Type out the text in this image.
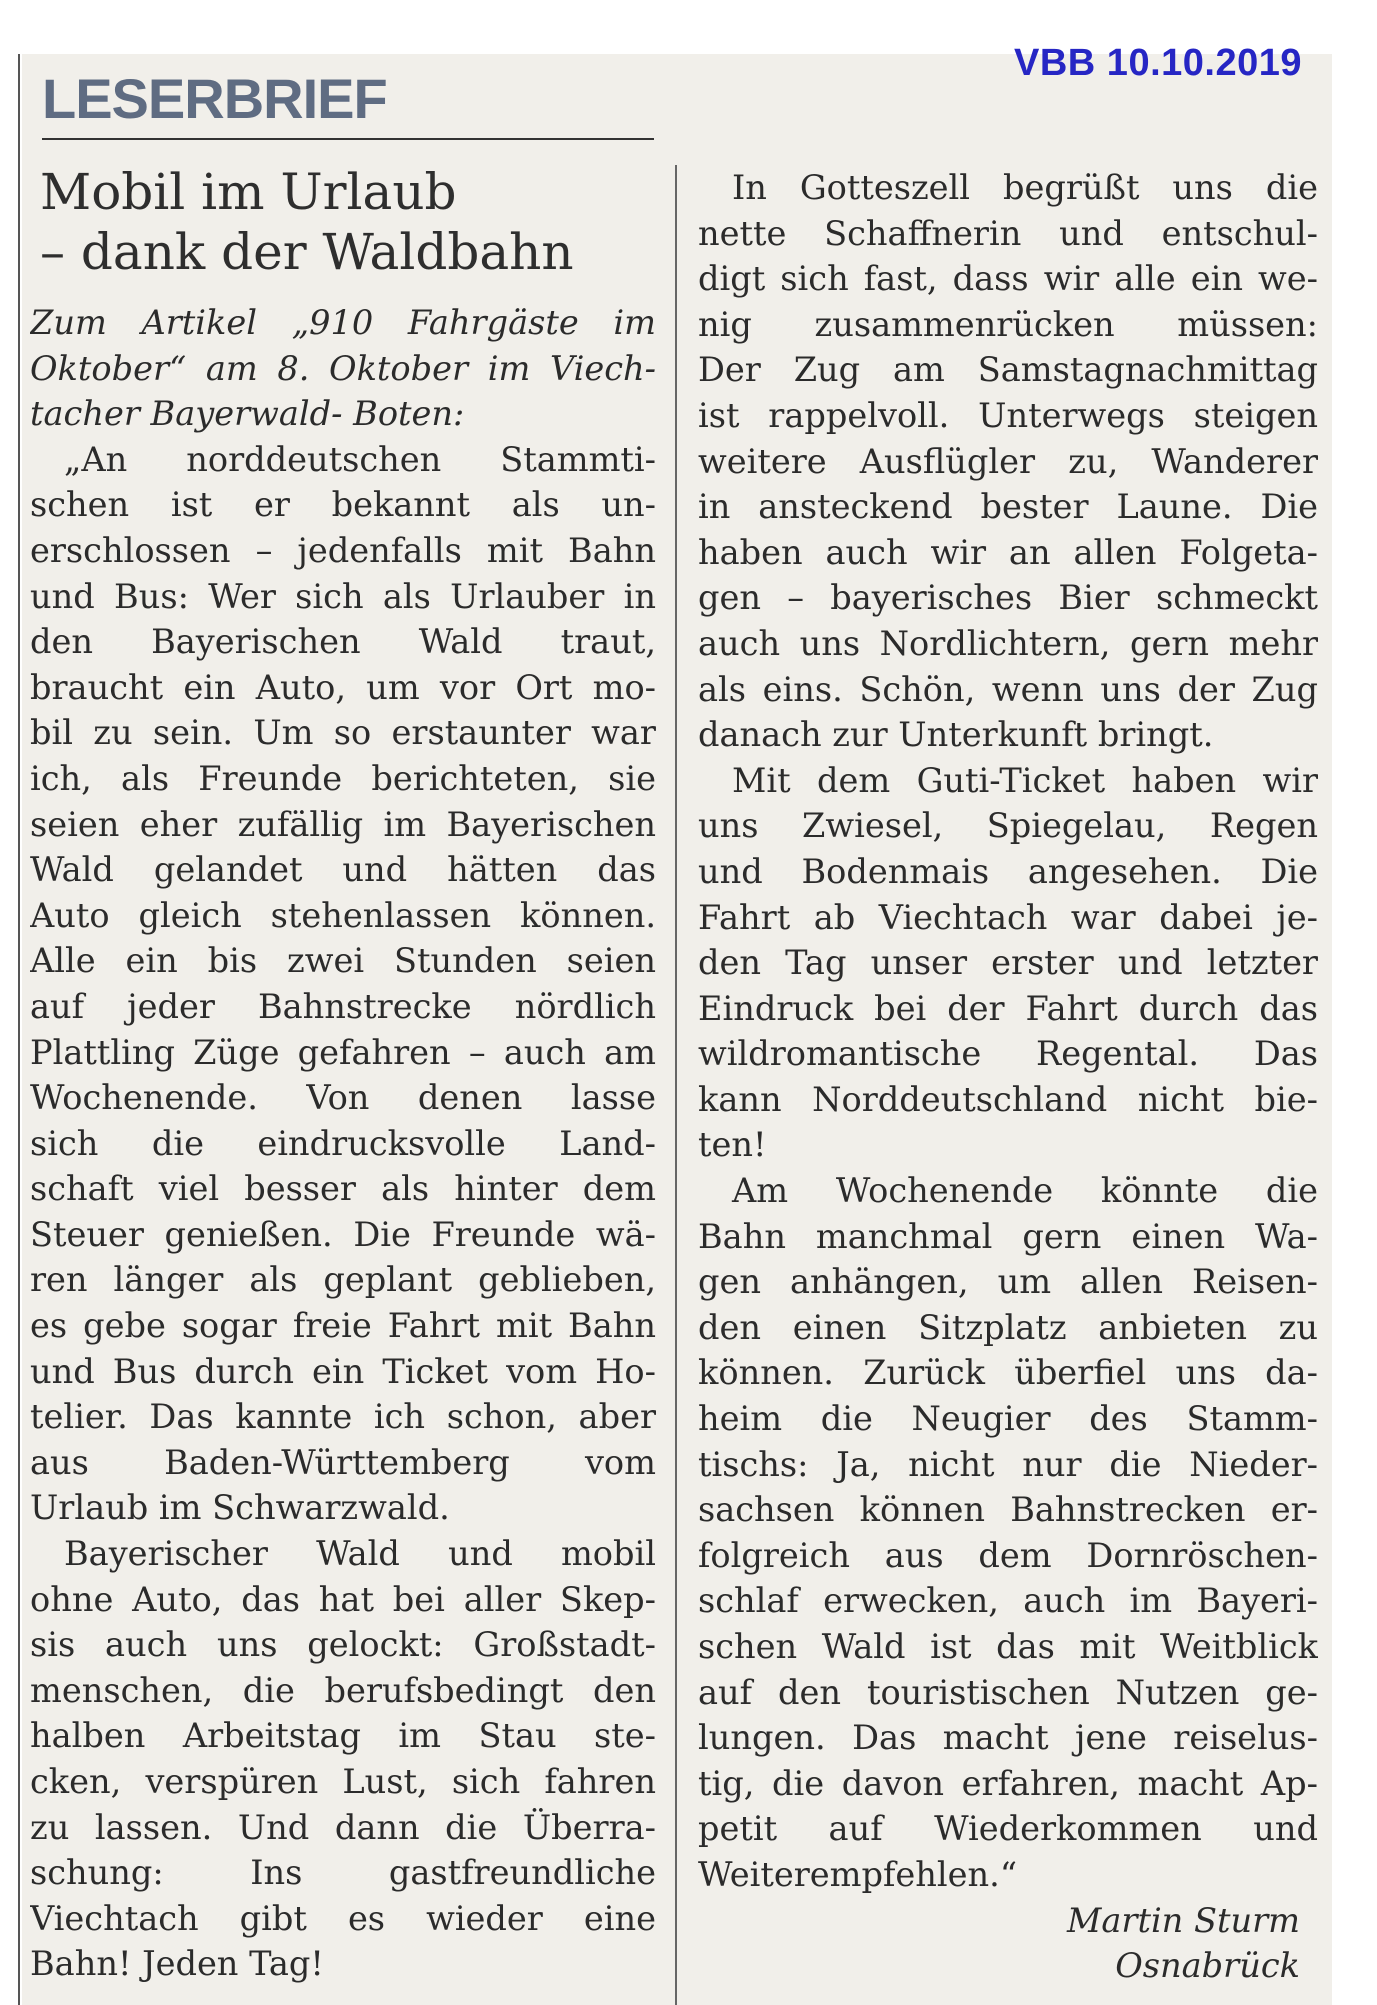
VBB 10.10.2019
LESERBRIEF
Mobil im Urlaub
– dank der Waldbahn
Zum Artikel „910 Fahrgäste im
Oktober“ am 8. Oktober im Viech-
tacher Bayerwald- Boten:
„An norddeutschen Stammti-
schen ist er bekannt als un-
erschlossen – jedenfalls mit Bahn
und Bus: Wer sich als Urlauber in
den Bayerischen Wald traut,
braucht ein Auto, um vor Ort mo-
bil zu sein. Um so erstaunter war
ich, als Freunde berichteten, sie
seien eher zufällig im Bayerischen
Wald gelandet und hätten das
Auto gleich stehenlassen können.
Alle ein bis zwei Stunden seien
auf jeder Bahnstrecke nördlich
Plattling Züge gefahren – auch am
Wochenende. Von denen lasse
sich die eindrucksvolle Land-
schaft viel besser als hinter dem
Steuer genießen. Die Freunde wä-
ren länger als geplant geblieben,
es gebe sogar freie Fahrt mit Bahn
und Bus durch ein Ticket vom Ho-
telier. Das kannte ich schon, aber
aus Baden-Württemberg vom
Urlaub im Schwarzwald.
Bayerischer Wald und mobil
ohne Auto, das hat bei aller Skep-
sis auch uns gelockt: Großstadt-
menschen, die berufsbedingt den
halben Arbeitstag im Stau ste-
cken, verspüren Lust, sich fahren
zu lassen. Und dann die Überra-
schung: Ins gastfreundliche
Viechtach gibt es wieder eine
Bahn! Jeden Tag!
In Gotteszell begrüßt uns die
nette Schaffnerin und entschul-
digt sich fast, dass wir alle ein we-
nig zusammenrücken müssen:
Der Zug am Samstagnachmittag
ist rappelvoll. Unterwegs steigen
weitere Ausflügler zu, Wanderer
in ansteckend bester Laune. Die
haben auch wir an allen Folgeta-
gen – bayerisches Bier schmeckt
auch uns Nordlichtern, gern mehr
als eins. Schön, wenn uns der Zug
danach zur Unterkunft bringt.
Mit dem Guti-Ticket haben wir
uns Zwiesel, Spiegelau, Regen
und Bodenmais angesehen. Die
Fahrt ab Viechtach war dabei je-
den Tag unser erster und letzter
Eindruck bei der Fahrt durch das
wildromantische Regental. Das
kann Norddeutschland nicht bie-
ten!
Am Wochenende könnte die
Bahn manchmal gern einen Wa-
gen anhängen, um allen Reisen-
den einen Sitzplatz anbieten zu
können. Zurück überfiel uns da-
heim die Neugier des Stamm-
tischs: Ja, nicht nur die Nieder-
sachsen können Bahnstrecken er-
folgreich aus dem Dornröschen-
schlaf erwecken, auch im Bayeri-
schen Wald ist das mit Weitblick
auf den touristischen Nutzen ge-
lungen. Das macht jene reiselus-
tig, die davon erfahren, macht Ap-
petit auf Wiederkommen und
Weiterempfehlen.“
Martin Sturm
Osnabrück
